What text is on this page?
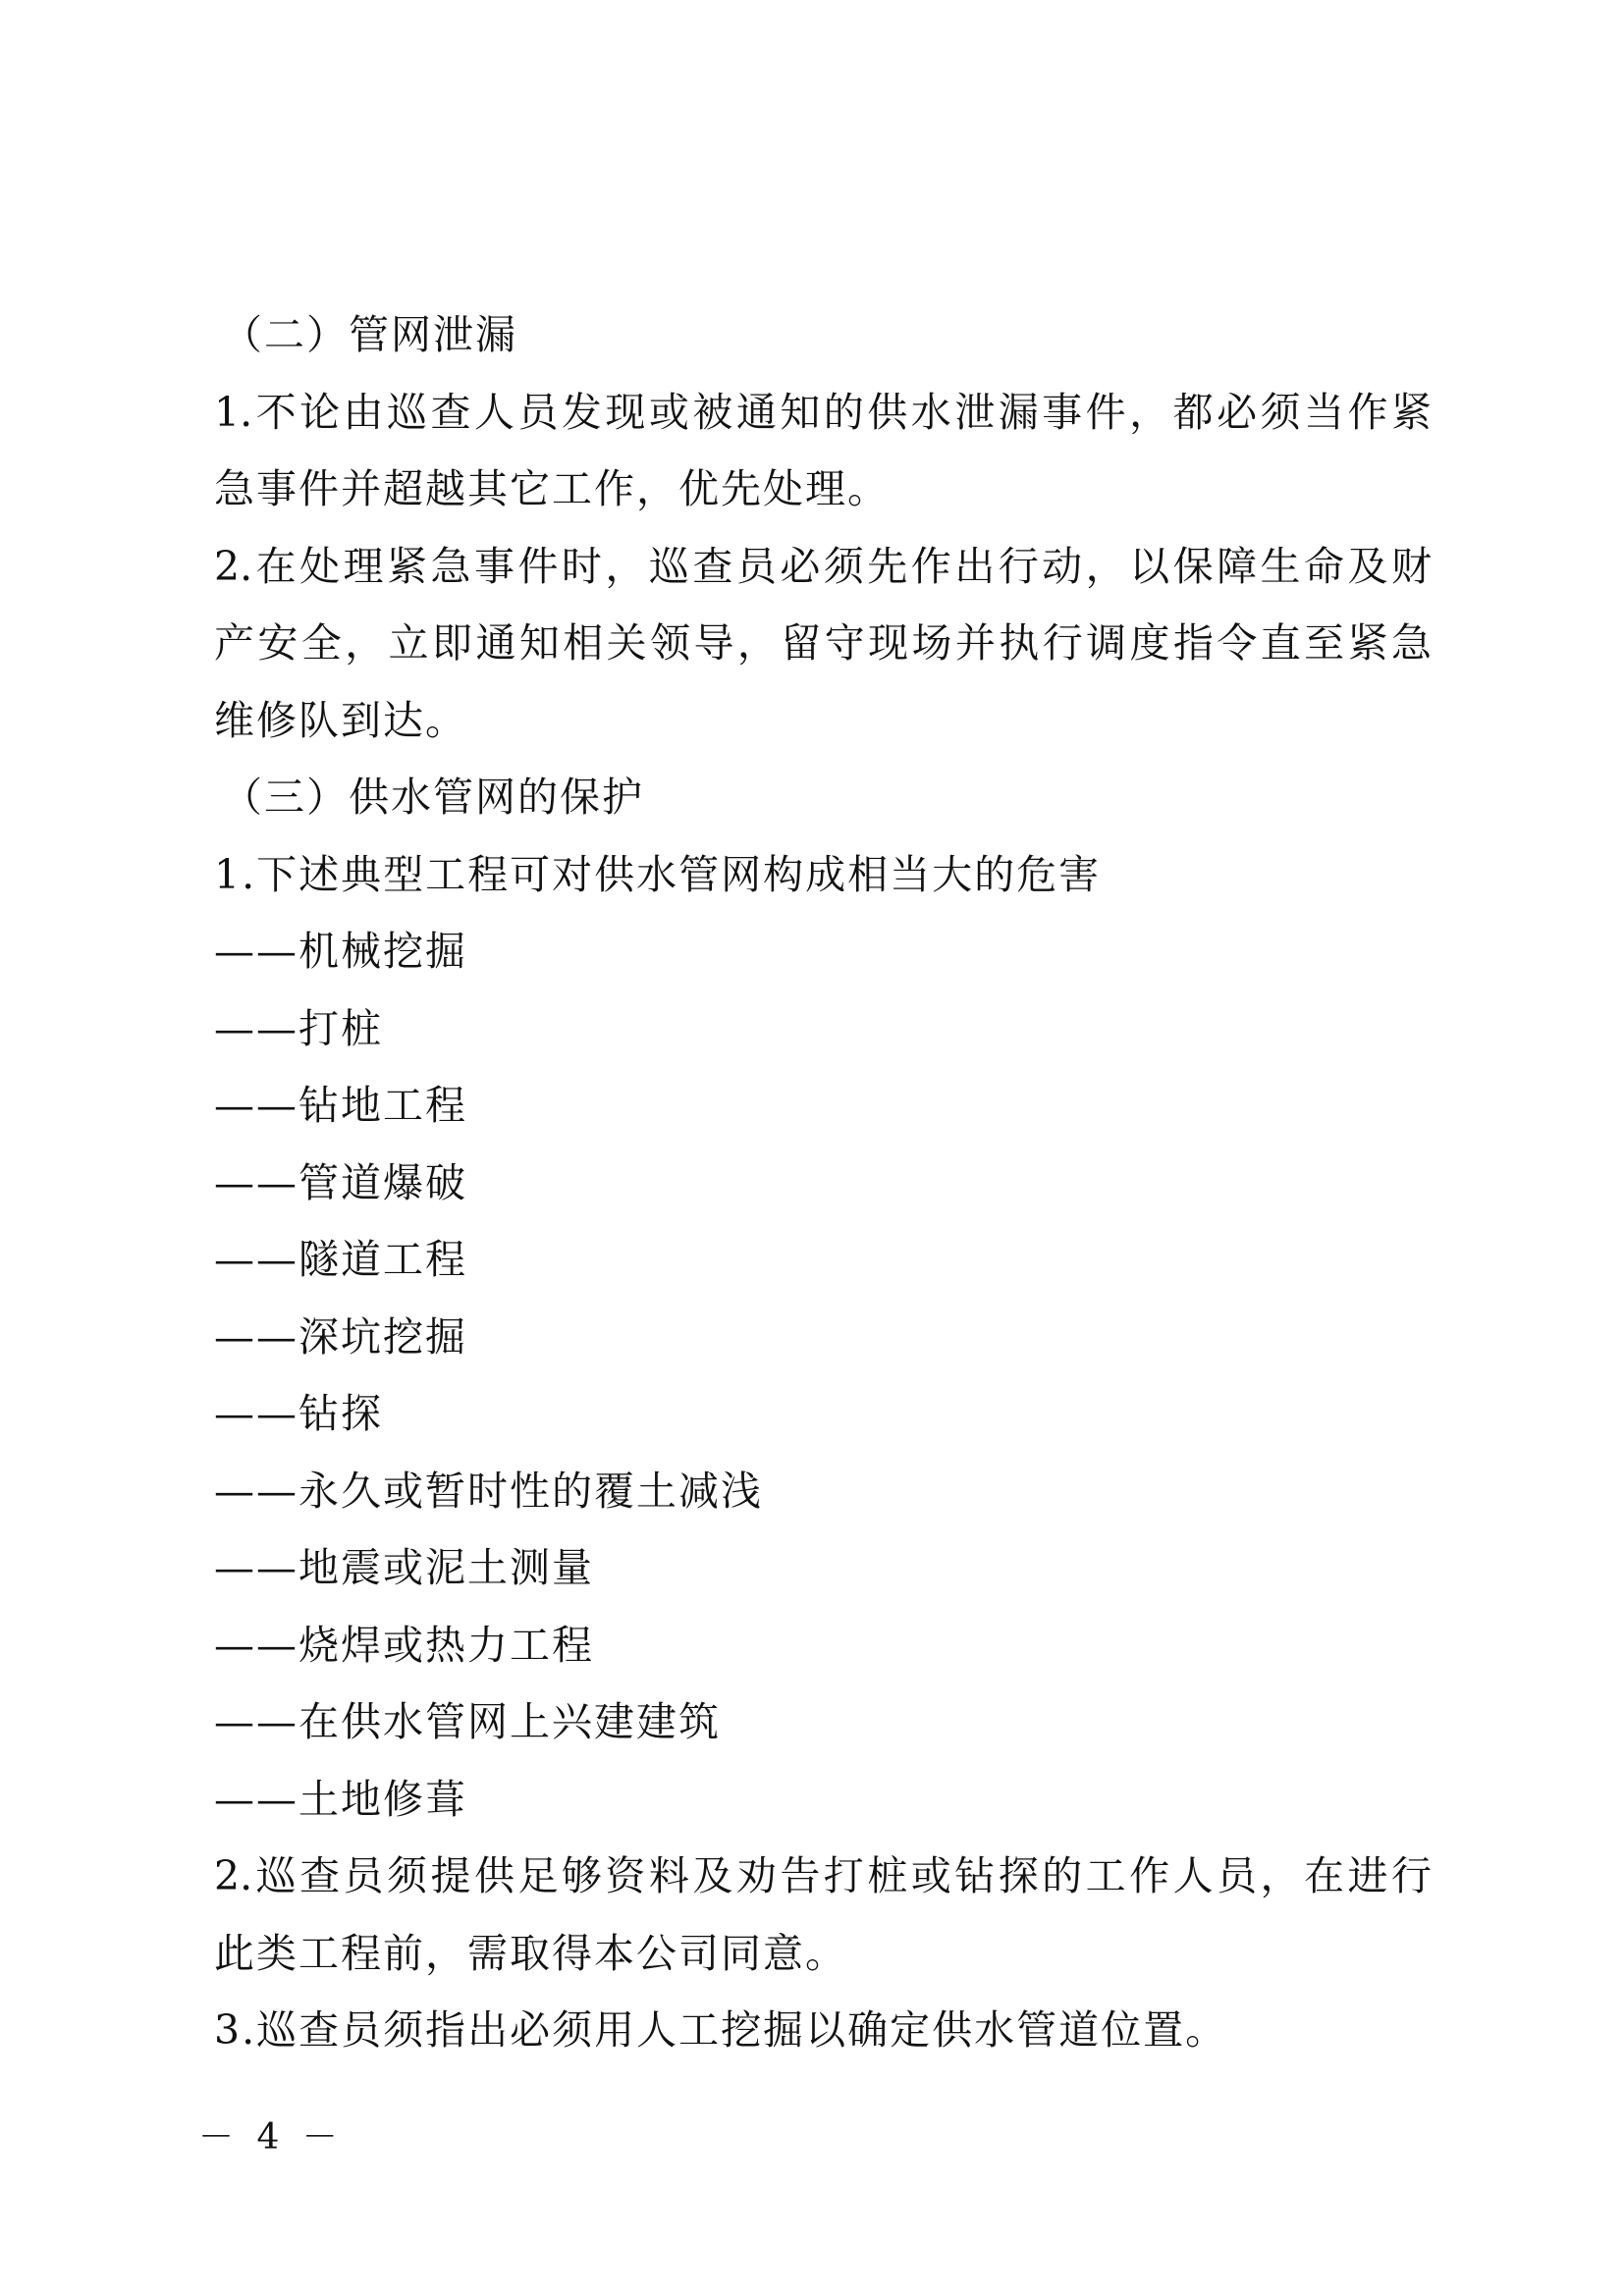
（二）管网泄漏
1.不论由巡查人员发现或被通知的供水泄漏事件，都必须当作紧
急事件并超越其它工作，优先处理。
2.在处理紧急事件时，巡查员必须先作出行动，以保障生命及财
产安全，立即通知相关领导，留守现场并执行调度指令直至紧急
维修队到达。
（三）供水管网的保护
1.下述典型工程可对供水管网构成相当大的危害
——机械挖掘
——打桩
——钻地工程
——管道爆破
——隧道工程
——深坑挖掘
——钻探
——永久或暂时性的覆土减浅
——地震或泥土测量
——烧焊或热力工程
——在供水管网上兴建建筑
——土地修葺
2.巡查员须提供足够资料及劝告打桩或钻探的工作人员，在进行
此类工程前，需取得本公司同意。
3.巡查员须指出必须用人工挖掘以确定供水管道位置。
－ 4 －
